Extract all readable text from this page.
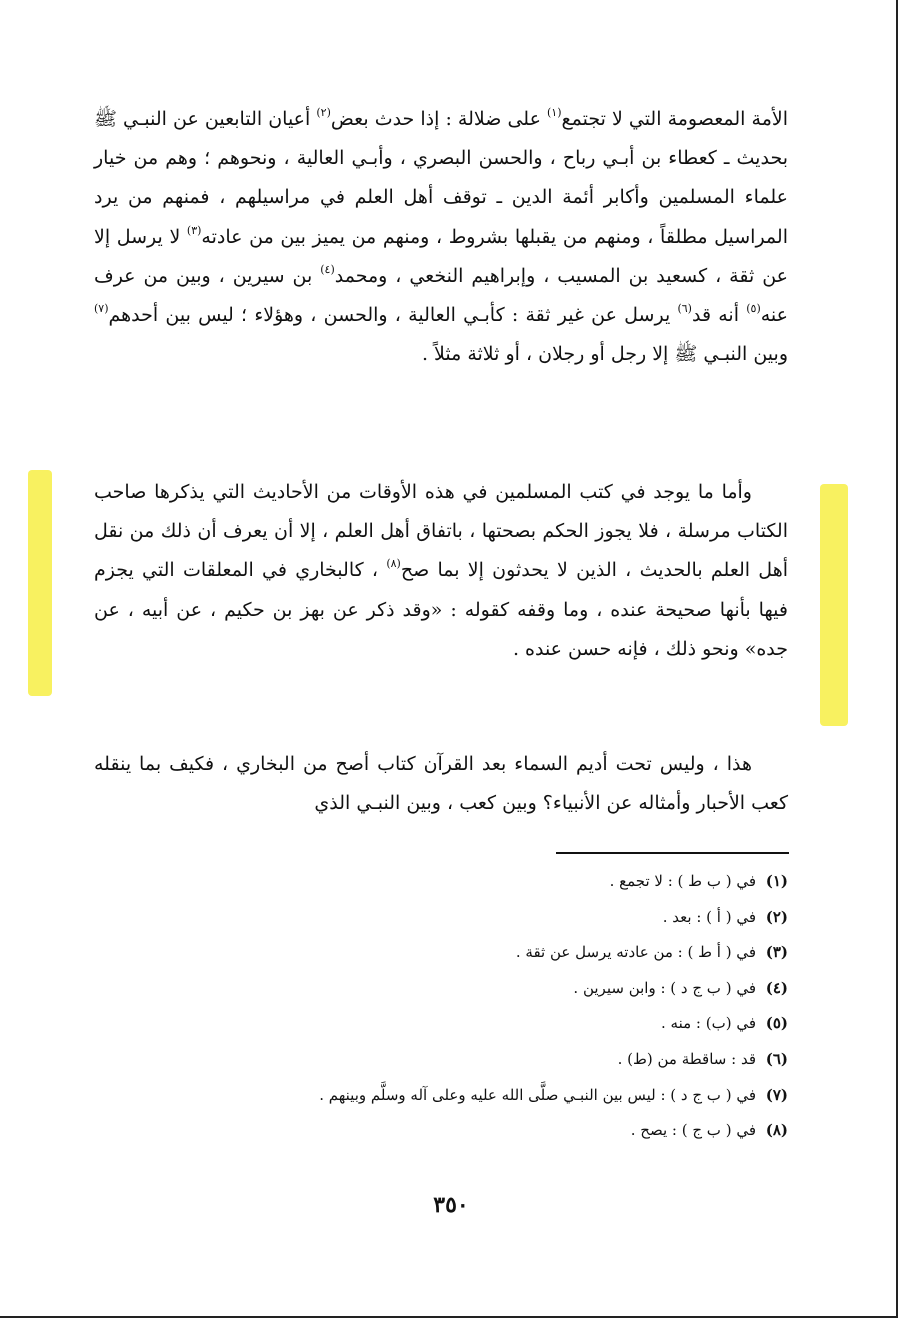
الأمة المعصومة التي لا تجتمع$^{(١)}$ على ضلالة : إذا حدث بعض$^{(٢)}$ أعيان التابعين عن النبـي ﷺ بحديث ـ كعطاء بن أبـي رباح ، والحسن البصري ، وأبـي العالية ، ونحوهم ؛ وهم من خيار علماء المسلمين وأكابر أئمة الدين ـ توقف أهل العلم في مراسيلهم ، فمنهم من يرد المراسيل مطلقاً ، ومنهم من يقبلها بشروط ، ومنهم من يميز بين من عادته$^{(٣)}$ لا يرسل إلا عن ثقة ، كسعيد بن المسيب ، وإبراهيم النخعي ، ومحمد$^{(٤)}$ بن سيرين ، وبين من عرف عنه$^{(٥)}$ أنه قد$^{(٦)}$ يرسل عن غير ثقة : كأبـي العالية ، والحسن ، وهؤلاء ؛ ليس بين أحدهم$^{(٧)}$ وبين النبـي ﷺ إلا رجل أو رجلان ، أو ثلاثة مثلاً .

وأما ما يوجد في كتب المسلمين في هذه الأوقات من الأحاديث التي يذكرها صاحب الكتاب مرسلة ، فلا يجوز الحكم بصحتها ، باتفاق أهل العلم ، إلا أن يعرف أن ذلك من نقل أهل العلم بالحديث ، الذين لا يحدثون إلا بما صح$^{(٨)}$ ، كالبخاري في المعلقات التي يجزم فيها بأنها صحيحة عنده ، وما وقفه كقوله : «وقد ذكر عن بهز بن حكيم ، عن أبيه ، عن جده» ونحو ذلك ، فإنه حسن عنده .

هذا ، وليس تحت أديم السماء بعد القرآن كتاب أصح من البخاري ، فكيف بما ينقله كعب الأحبار وأمثاله عن الأنبياء؟ وبين كعب ، وبين النبـي الذي

(١)في ( ب ط ) : لا تجمع .
(٢)في ( أ ) : بعد .
(٣)في ( أ ط ) : من عادته يرسل عن ثقة .
(٤)في ( ب ج د ) : وابن سيرين .
(٥)في (ب) : منه .
(٦)قد : ساقطة من (ط) .
(٧)في ( ب ج د ) : ليس بين النبـي صلَّى الله عليه وعلى آله وسلَّم وبينهم .
(٨)في ( ب ج ) : يصح .
٣٥٠
